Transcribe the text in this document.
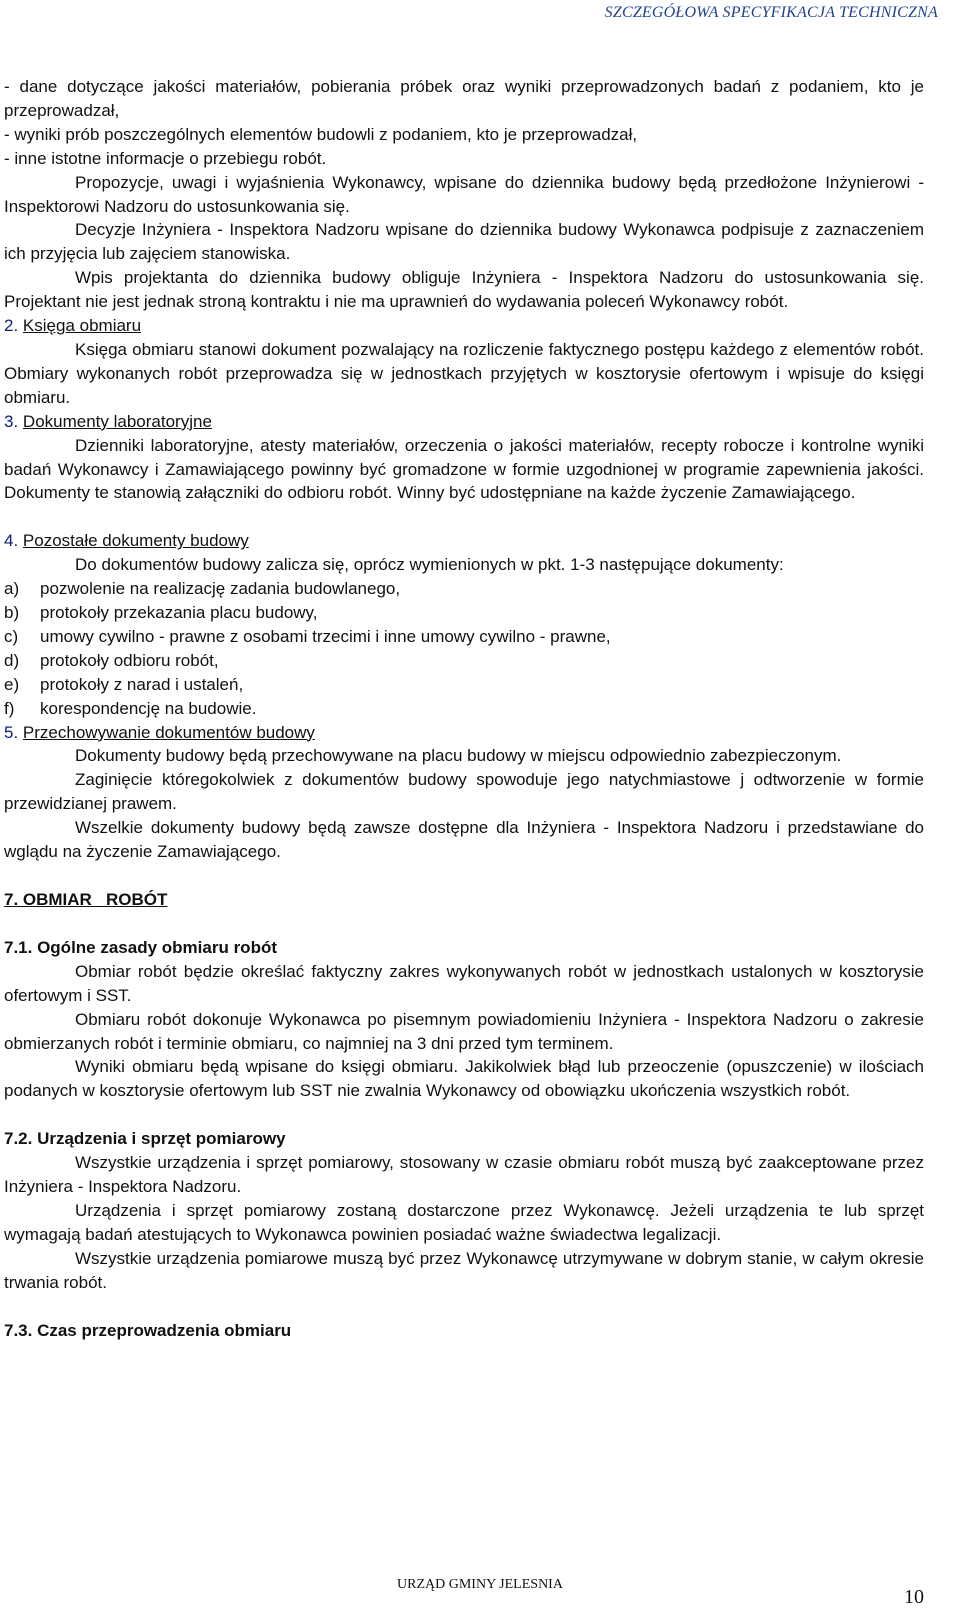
SZCZEGÓŁOWA SPECYFIKACJA TECHNICZNA

- dane dotyczące jakości materiałów, pobierania próbek oraz wyniki przeprowadzonych badań z podaniem, kto je przeprowadzał,

- wyniki prób poszczególnych elementów budowli z podaniem, kto je przeprowadzał,

- inne istotne informacje o przebiegu robót.

Propozycje, uwagi i wyjaśnienia Wykonawcy, wpisane do dziennika budowy będą przedłożone Inżynierowi - Inspektorowi Nadzoru do ustosunkowania się.

Decyzje Inżyniera - Inspektora Nadzoru wpisane do dziennika budowy Wykonawca podpisuje z zaznaczeniem ich przyjęcia lub zajęciem stanowiska.

Wpis projektanta do dziennika budowy obliguje Inżyniera - Inspektora Nadzoru do ustosunkowania się. Projektant nie jest jednak stroną kontraktu i nie ma uprawnień do wydawania poleceń Wykonawcy robót.

2. Księga obmiaru

Księga obmiaru stanowi dokument pozwalający na rozliczenie faktycznego postępu każdego z elementów robót. Obmiary wykonanych robót przeprowadza się w jednostkach przyjętych w kosztorysie ofertowym i wpisuje do księgi obmiaru.

3. Dokumenty laboratoryjne

Dzienniki laboratoryjne, atesty materiałów, orzeczenia o jakości materiałów, recepty robocze i kontrolne wyniki badań Wykonawcy i Zamawiającego powinny być gromadzone w formie uzgodnionej w programie zapewnienia jakości. Dokumenty te stanowią załączniki do odbioru robót. Winny być udostępniane na każde życzenie Zamawiającego.

4. Pozostałe dokumenty budowy

Do dokumentów budowy zalicza się, oprócz wymienionych w pkt. 1-3 następujące dokumenty:

a)	pozwolenie na realizację zadania budowlanego,
b)	protokoły przekazania placu budowy,
c)	umowy cywilno - prawne z osobami trzecimi i inne umowy cywilno - prawne,
d)	protokoły odbioru robót,
e)	protokoły z narad i ustaleń,
f)	korespondencję na budowie.

5. Przechowywanie dokumentów budowy

Dokumenty budowy będą przechowywane na placu budowy w miejscu odpowiednio zabezpieczonym.

Zaginięcie któregokolwiek z dokumentów budowy spowoduje jego natychmiastowe j odtworzenie w formie przewidzianej prawem.

Wszelkie dokumenty budowy będą zawsze dostępne dla Inżyniera - Inspektora Nadzoru i przedstawiane do wglądu na życzenie Zamawiającego.

7. OBMIAR   ROBÓT

7.1. Ogólne zasady obmiaru robót

Obmiar robót będzie określać faktyczny zakres wykonywanych robót w jednostkach ustalonych w kosztorysie ofertowym i SST.

Obmiaru robót dokonuje Wykonawca po pisemnym powiadomieniu Inżyniera - Inspektora Nadzoru o zakresie obmierzanych robót i terminie obmiaru, co najmniej na 3 dni przed tym terminem.

Wyniki obmiaru będą wpisane do księgi obmiaru. Jakikolwiek błąd lub przeoczenie (opuszczenie) w ilościach podanych w kosztorysie ofertowym lub SST nie zwalnia Wykonawcy od obowiązku ukończenia wszystkich robót.

7.2. Urządzenia i sprzęt pomiarowy

Wszystkie urządzenia i sprzęt pomiarowy, stosowany w czasie obmiaru robót muszą być zaakceptowane przez Inżyniera - Inspektora Nadzoru.

Urządzenia i sprzęt pomiarowy zostaną dostarczone przez Wykonawcę. Jeżeli urządzenia te lub sprzęt wymagają badań atestujących to Wykonawca powinien posiadać ważne świadectwa legalizacji.

Wszystkie urządzenia pomiarowe muszą być przez Wykonawcę utrzymywane w dobrym stanie, w całym okresie trwania robót.

7.3. Czas przeprowadzenia obmiaru

URZĄD GMINY JELESNIA
10
